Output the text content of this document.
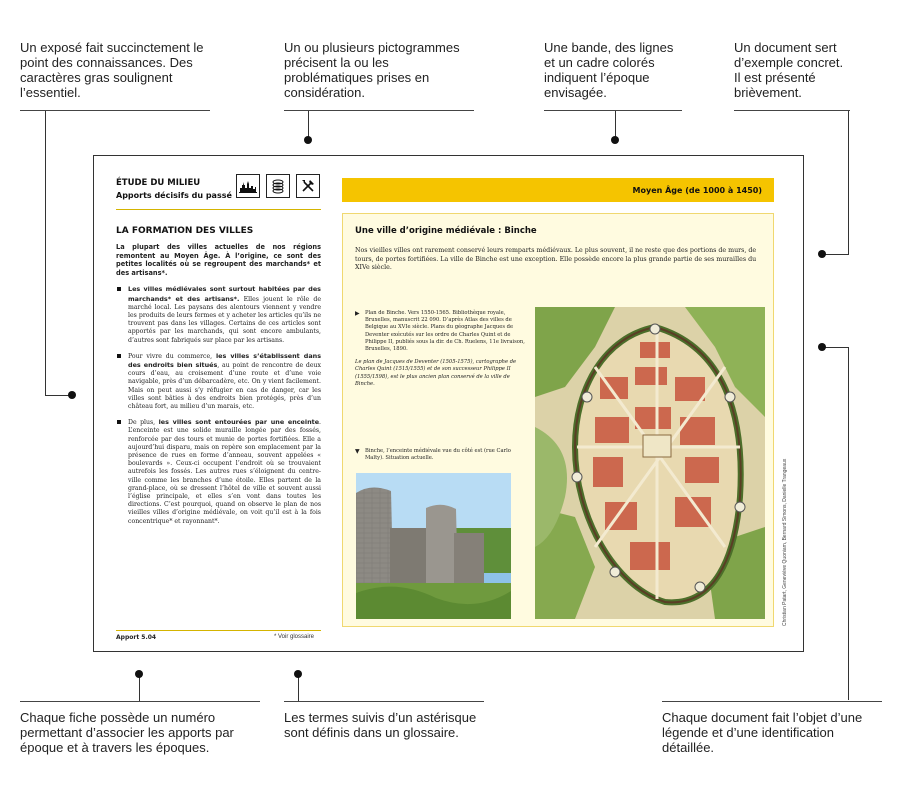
Un exposé fait succinctement le point des connaissances. Des caractères gras soulignent l’essentiel.
Un ou plusieurs pictogrammes précisent la ou les problématiques prises en considération.
Une bande, des lignes et un cadre colorés indiquent l’époque envisagée.
Un document sert d’exemple concret. Il est présenté brièvement.
Chaque fiche possède un numéro permettant d’associer les apports par époque et à travers les époques.
Les termes suivis d’un astérisque sont définis dans un glossaire.
Chaque document fait l’objet d’une légende et d’une identification détaillée.
ÉTUDE DU MILIEU
Apports décisifs du passé
Moyen Âge (de 1000 à 1450)
LA FORMATION DES VILLES

La plupart des villes actuelles de nos régions remontent au Moyen Âge. À l’origine, ce sont des petites localités où se regroupent des marchands* et des artisans*.

Les villes médiévales sont surtout habitées par des marchands* et des artisans*. Elles jouent le rôle de marché local. Les paysans des alentours viennent y vendre les produits de leurs fermes et y acheter les articles qu’ils ne trouvent pas dans les villages. Certains de ces articles sont apportés par les marchands, qui sont encore ambulants, d’autres sont fabriqués sur place par les artisans.

Pour vivre du commerce, les villes s’établissent dans des endroits bien situés, au point de rencontre de deux cours d’eau, au croisement d’une route et d’une voie navigable, près d’un débarcadère, etc. On y vient facilement. Mais on peut aussi s’y réfugier en cas de danger, car les villes sont bâties à des endroits bien protégés, près d’un château fort, au milieu d’un marais, etc.

De plus, les villes sont entourées par une enceinte. L’enceinte est une solide muraille longée par des fossés, renforcée par des tours et munie de portes fortifiées. Elle a aujourd’hui disparu, mais on repère son emplacement par la présence de rues en forme d’anneau, souvent appelées « boulevards ». Ceux-ci occupent l’endroit où se trouvaient autrefois les fossés. Les autres rues s’éloignent du centre-ville comme les branches d’une étoile. Elles partent de la grand-place, où se dressent l’hôtel de ville et souvent aussi l’église principale, et elles s’en vont dans toutes les directions. C’est pourquoi, quand on observe le plan de nos vieilles villes d’origine médiévale, on voit qu’il est à la fois concentrique* et rayonnant*.

Apport 5.04	* Voir glossaire
Une ville d’origine médiévale : Binche
Nos vieilles villes ont rarement conservé leurs remparts médiévaux. Le plus souvent, il ne reste que des portions de murs, de tours, de portes fortifiées. La ville de Binche est une exception. Elle possède encore la plus grande partie de ses murailles du XIVe siècle.
▶	Plan de Binche. Vers 1550-1565. Bibliothèque royale, Bruxelles, manuscrit 22 090. D’après Atlas des villes de Belgique au XVIe siècle. Plans du géographe Jacques de Deventer exécutés sur les ordre de Charles Quint et de Philippe II, publiés sous la dir. de Ch. Ruelens, 11e livraison, Bruxelles, 1890.
Le plan de Jacques de Deventer (1505-1575), cartographe de Charles Quint (1515/1555) et de son successeur Philippe II (1555/1598), est le plus ancien plan conservé de la ville de Binche.
▼	Binche, l’enceinte médiévale vue du côté est (rue Carlo Malty). Situation actuelle.
Christian Patart, Geneviève Quoniam, Bernard Simons, Danielle Trangeaux
